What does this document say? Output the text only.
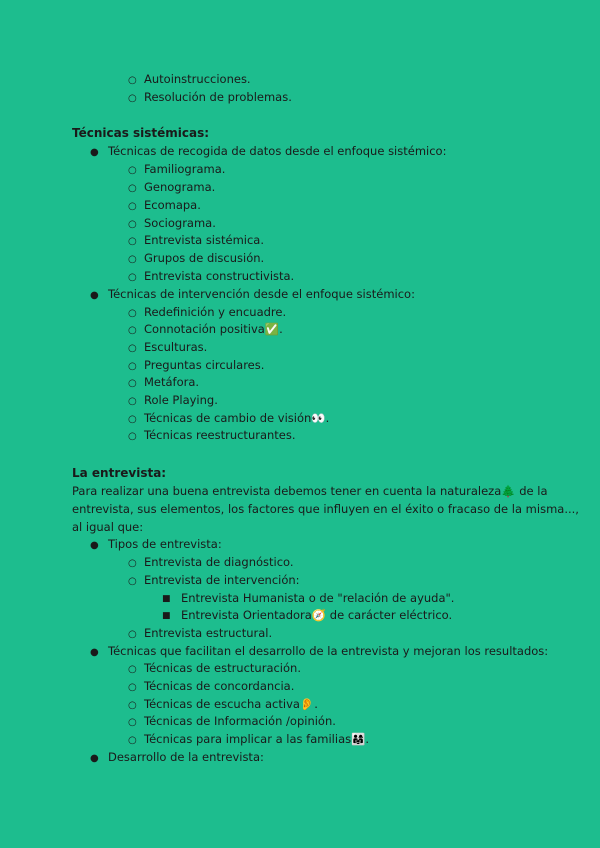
○ Autoinstrucciones.
○ Resolución de problemas.
Técnicas sistémicas:
● Técnicas de recogida de datos desde el enfoque sistémico:
○ Familiograma.
○ Genograma.
○ Ecomapa.
○ Sociograma.
○ Entrevista sistémica.
○ Grupos de discusión.
○ Entrevista constructivista.
● Técnicas de intervención desde el enfoque sistémico:
○ Redefinición y encuadre.
○ Connotación positiva✅.
○ Esculturas.
○ Preguntas circulares.
○ Metáfora.
○ Role Playing.
○ Técnicas de cambio de visión👀.
○ Técnicas reestructurantes.
La entrevista:
Para realizar una buena entrevista debemos tener en cuenta la naturaleza🌲 de la
entrevista, sus elementos, los factores que influyen en el éxito o fracaso de la misma...,
al igual que:
● Tipos de entrevista:
○ Entrevista de diagnóstico.
○ Entrevista de intervención:
■ Entrevista Humanista o de "relación de ayuda".
■ Entrevista Orientadora🧭 de carácter eléctrico.
○ Entrevista estructural.
● Técnicas que facilitan el desarrollo de la entrevista y mejoran los resultados:
○ Técnicas de estructuración.
○ Técnicas de concordancia.
○ Técnicas de escucha activa👂.
○ Técnicas de Información /opinión.
○ Técnicas para implicar a las familias👨‍👩‍👧.
● Desarrollo de la entrevista:
